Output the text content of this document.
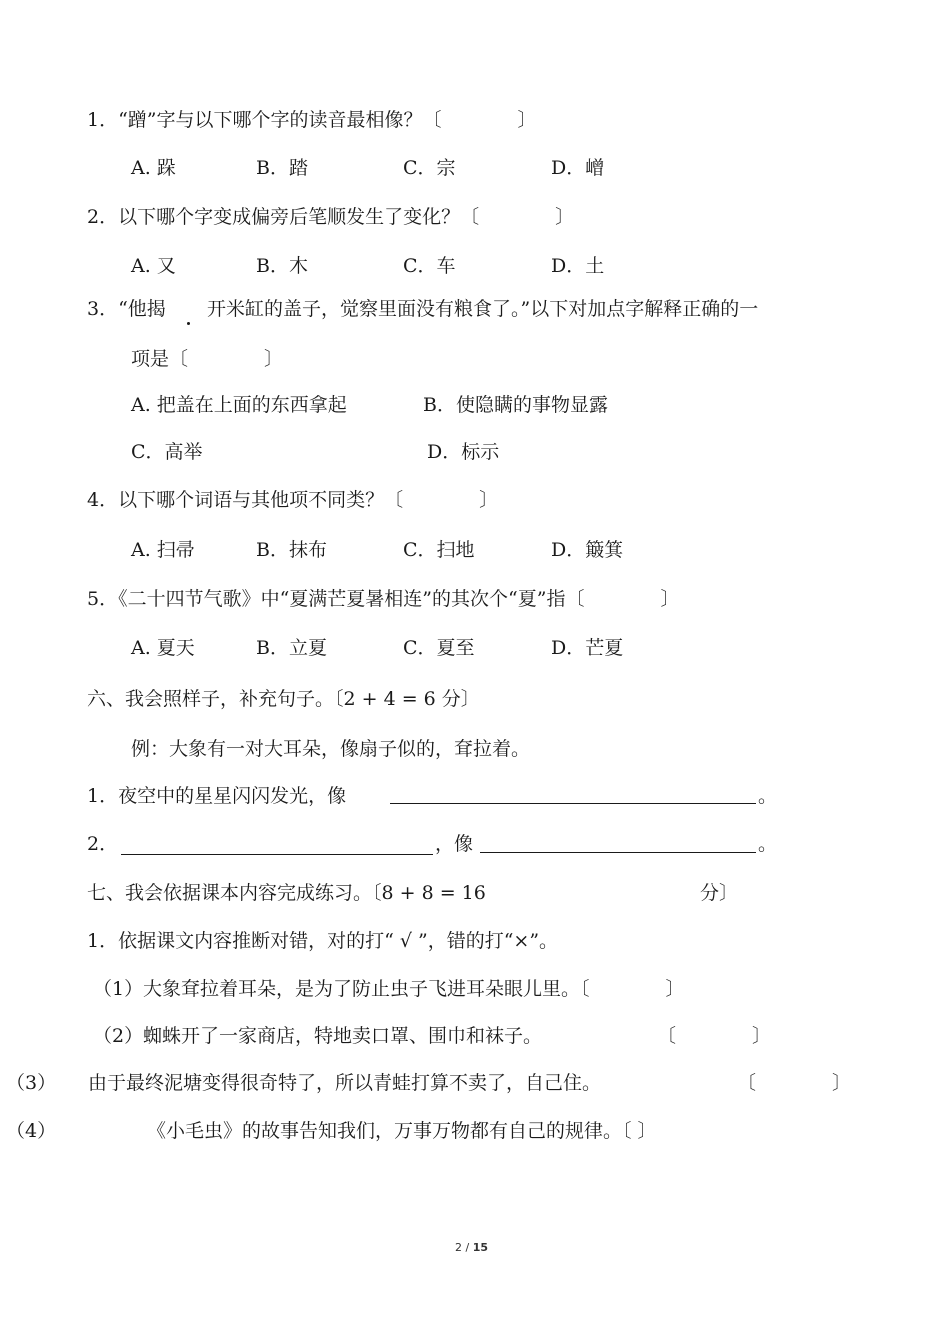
1．“蹭”字与以下哪个字的读音最相像？〔　　　　〕
A. 跺	B．踏	C．宗	D．嶒
2．以下哪个字变成偏旁后笔顺发生了变化？〔　　　　〕
A. 又	B．木	C．车	D．土
3．“他揭 开米缸的盖子，觉察里面没有粮食了。”以下对加点字解释正确的一
项是〔　　　　〕
A. 把盖在上面的东西拿起	B．使隐瞒的事物显露
C．高举	D．标示
4．以下哪个词语与其他项不同类？〔　　　　〕
A. 扫帚	B．抹布	C．扫地	D．簸箕
5．《二十四节气歌》中“夏满芒夏暑相连”的其次个“夏”指〔　　　　〕
A. 夏天	B．立夏	C．夏至	D．芒夏
六、我会照样子，补充句子。〔2 + 4 = 6 分〕
例：大象有一对大耳朵，像扇子似的，耷拉着。
1．夜空中的星星闪闪发光，像	。
2．	，像	。
七、我会依据课本内容完成练习。〔8 + 8 = 16	分〕
1．依据课文内容推断对错，对的打“ √ ”，错的打“×”。
（1） 大象耷拉着耳朵，是为了防止虫子飞进耳朵眼儿里。〔　　　　〕
（2） 蜘蛛开了一家商店，特地卖口罩、围巾和袜子。	〔　　　　〕
（3） 由于最终泥塘变得很奇特了，所以青蛙打算不卖了，自己住。	〔　　　　〕
（4）	《小毛虫》的故事告知我们，万事万物都有自己的规律。〔 〕
2 / 15
